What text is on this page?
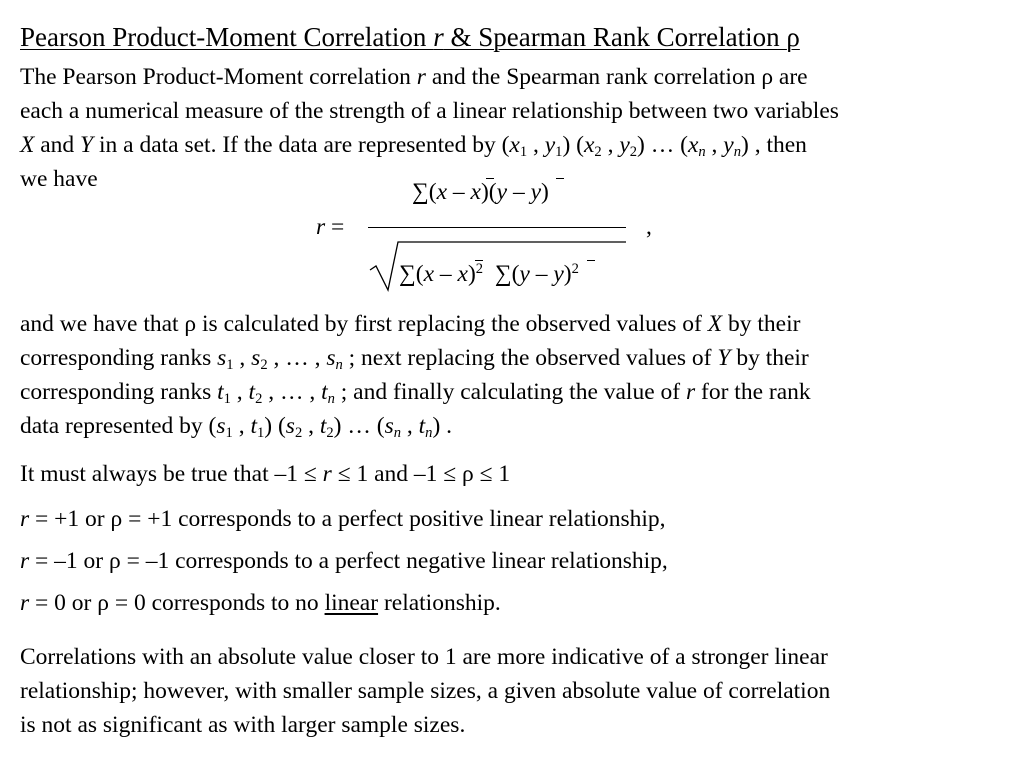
Pearson Product-Moment Correlation r & Spearman Rank Correlation ρ
The Pearson Product-Moment correlation r and the Spearman rank correlation ρ are
each a numerical measure of the strength of a linear relationship between two variables
X and Y in a data set. If the data are represented by ($x_1$ , $y_1$) ($x_2$ , $y_2$) … ($x_n$ , $y_n$) , then
we have	∑(x – x)(y – y)
r =	,
∑(x – x)$^2$ ∑(y – y)$^2$
and we have that ρ is calculated by first replacing the observed values of X by their
corresponding ranks $s_1$ , $s_2$ , … , $s_n$ ; next replacing the observed values of Y by their
corresponding ranks $t_1$ , $t_2$ , … , $t_n$ ; and finally calculating the value of r for the rank
data represented by ($s_1$ , $t_1$) ($s_2$ , $t_2$) … ($s_n$ , $t_n$) .
It must always be true that –1 ≤ r ≤ 1 and –1 ≤ ρ ≤ 1
r = +1 or ρ = +1 corresponds to a perfect positive linear relationship,
r = –1 or ρ = –1 corresponds to a perfect negative linear relationship,
r = 0 or ρ = 0 corresponds to no linear relationship.
Correlations with an absolute value closer to 1 are more indicative of a stronger linear
relationship; however, with smaller sample sizes, a given absolute value of correlation
is not as significant as with larger sample sizes.
